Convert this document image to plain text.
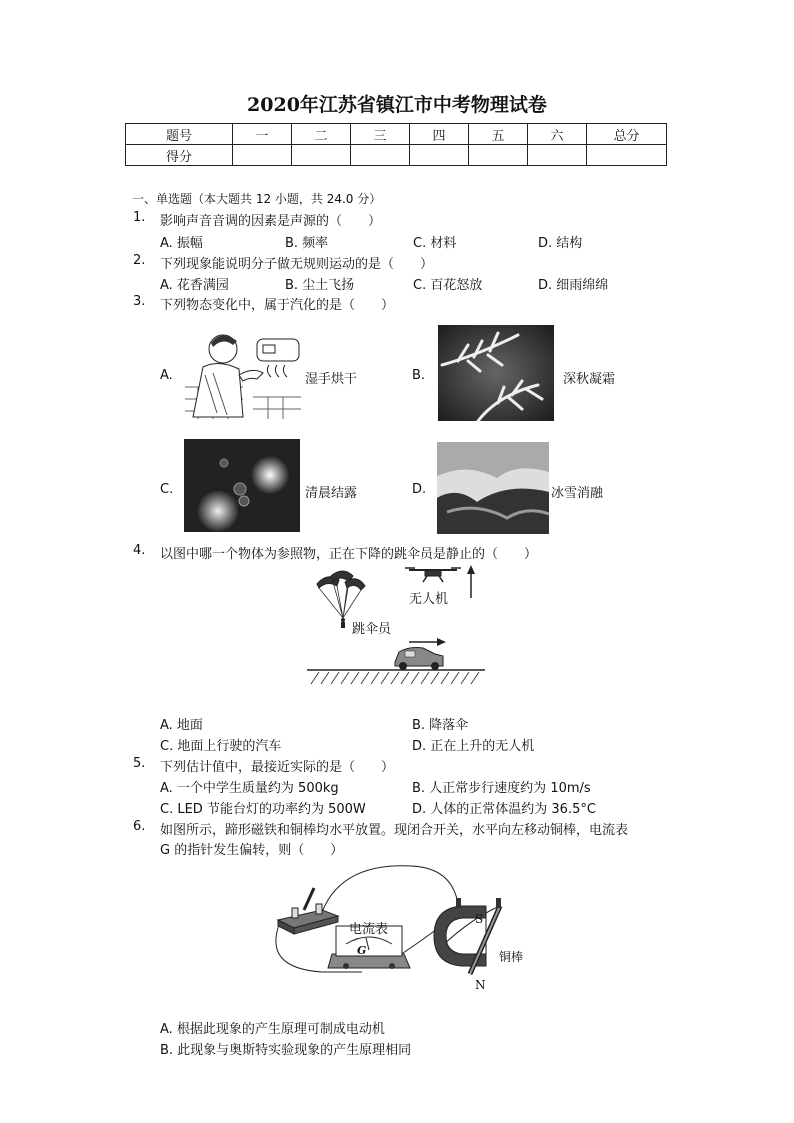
2020年江苏省镇江市中考物理试卷
题号	一	二	三	四	五	六	总分
得分							
一、单选题（本大题共 12 小题，共 24.0 分）
1. 影响声音音调的因素是声源的（　　）
A. 振幅	B. 频率	C. 材料	D. 结构
2. 下列现象能说明分子做无规则运动的是（　　）
A. 花香满园	B. 尘土飞扬	C. 百花怒放	D. 细雨绵绵
3. 下列物态变化中，属于汽化的是（　　）
A.	湿手烘干	B.	深秋凝霜
C.	清晨结露	D.	冰雪消融
4. 以图中哪一个物体为参照物，正在下降的跳伞员是静止的（　　）
无人机
跳伞员
A. 地面	B. 降落伞
C. 地面上行驶的汽车	D. 正在上升的无人机
5. 下列估计值中，最接近实际的是（　　）
A. 一个中学生质量约为 500kg	B. 人正常步行速度约为 10m/s
C. LED 节能台灯的功率约为 500W	D. 人体的正常体温约为 36.5°C
6. 如图所示，蹄形磁铁和铜棒均水平放置。现闭合开关，水平向左移动铜棒，电流表
G 的指针发生偏转，则（　　）
电流表
G
S
N
铜棒
A. 根据此现象的产生原理可制成电动机
B. 此现象与奥斯特实验现象的产生原理相同
